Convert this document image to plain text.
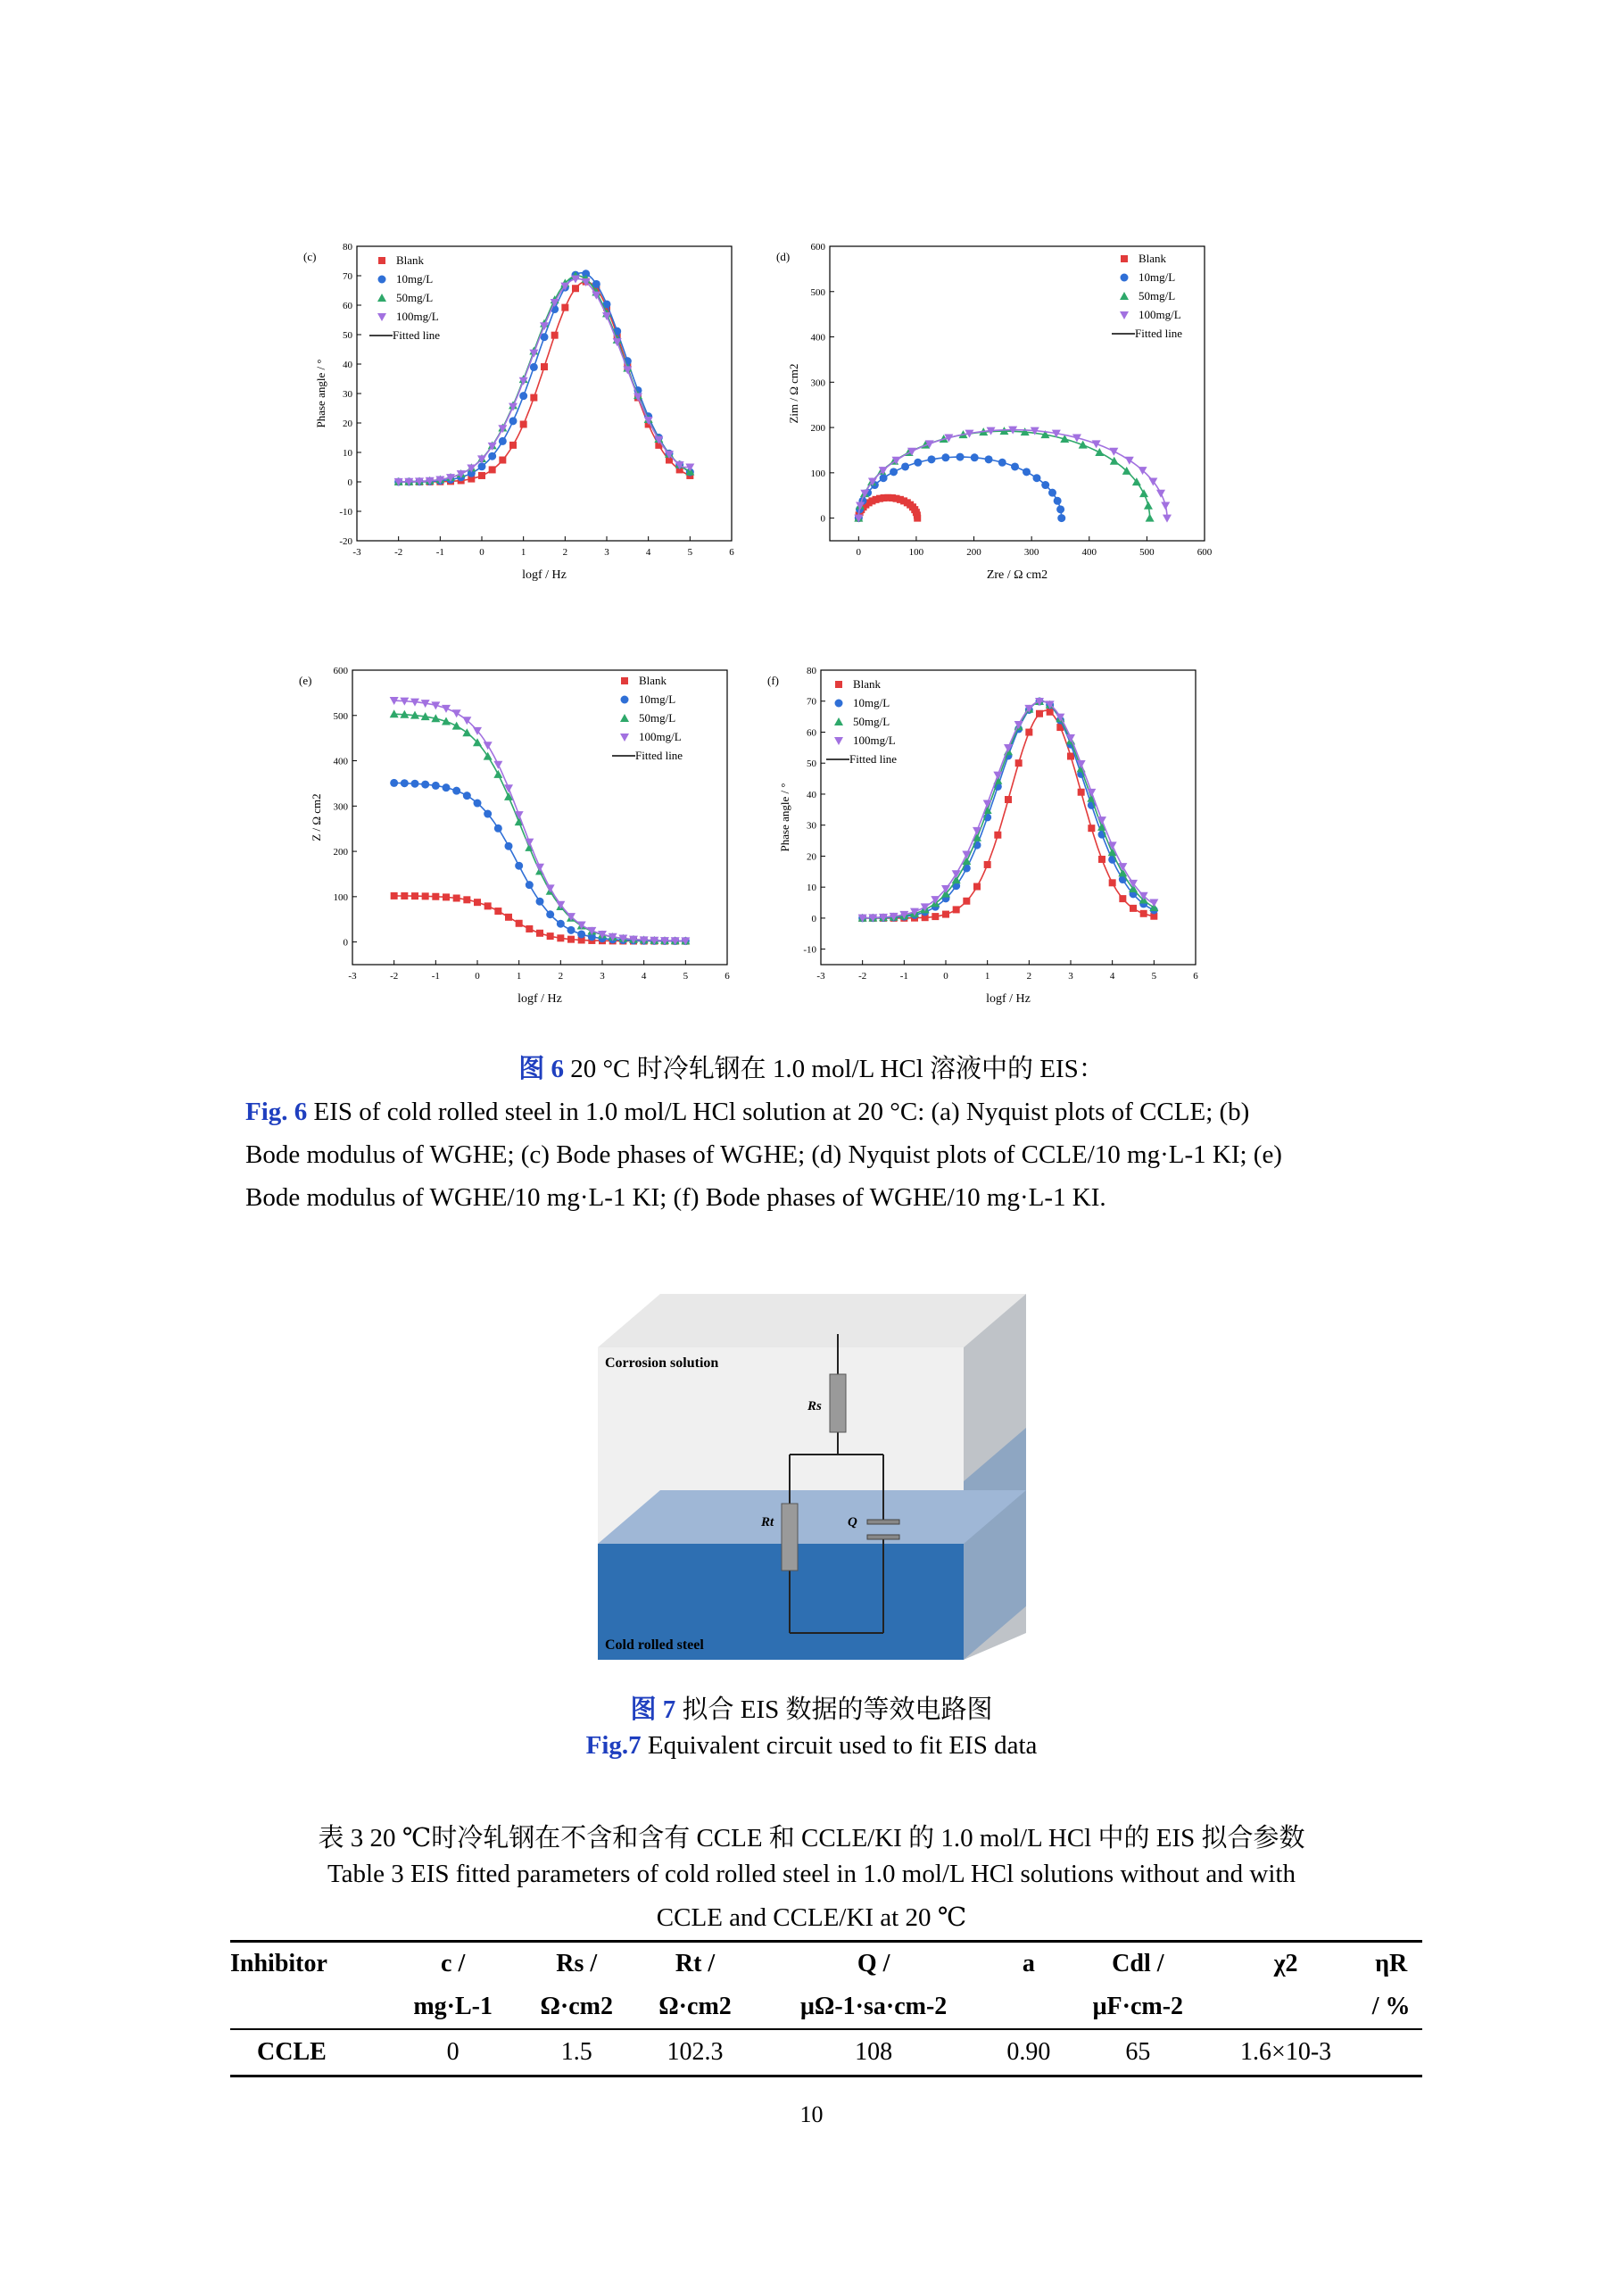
-3	-2	-1	0	1	2	3	4	5	6
-20
-10
0
10
20
30
40
50
60
70
80
logf / Hz
Phase angle / °
(c)	Blank
10mg/L
50mg/L
100mg/L
Fitted line
0	100	200	300	400	500	600
0
100
200
300
400
500
600
Zre / Ω cm2
Zim / Ω cm2
(d)	Blank
10mg/L
50mg/L
100mg/L
Fitted line
-3	-2	-1	0	1	2	3	4	5	6
0
100
200
300
400
500
600
logf / Hz
Z / Ω cm2
(e)	Blank
10mg/L
50mg/L
100mg/L
Fitted line
-3	-2	-1	0	1	2	3	4	5	6
-10
0
10
20
30
40
50
60
70
80
logf / Hz
Phase angle / °
(f)	Blank
10mg/L
50mg/L
100mg/L
Fitted line
图 6 20 °C 时冷轧钢在 1.0 mol/L HCl 溶液中的 EIS：
Fig. 6 EIS of cold rolled steel in 1.0 mol/L HCl solution at 20 °C: (a) Nyquist plots of CCLE; (b)
Bode modulus of WGHE; (c) Bode phases of WGHE; (d) Nyquist plots of CCLE/10 mg·L-1 KI; (e)
Bode modulus of WGHE/10 mg·L-1 KI; (f) Bode phases of WGHE/10 mg·L-1 KI.
Corrosion solution
Cold rolled steel
Rs
Rt	Q
图 7 拟合 EIS 数据的等效电路图
Fig.7 Equivalent circuit used to fit EIS data
表 3 20 ℃时冷轧钢在不含和含有 CCLE 和 CCLE/KI 的 1.0 mol/L HCl 中的 EIS 拟合参数
Table 3 EIS fitted parameters of cold rolled steel in 1.0 mol/L HCl solutions without and with
CCLE and CCLE/KI at 20 ℃
Inhibitor	c /	Rs /	Rt /	Q /	a	Cdl /	χ2	ηR
	mg·L-1	Ω·cm2	Ω·cm2	μΩ-1·sa·cm-2		μF·cm-2		/ %
CCLE	0	1.5	102.3	108	0.90	65	1.6×10-3	
10
